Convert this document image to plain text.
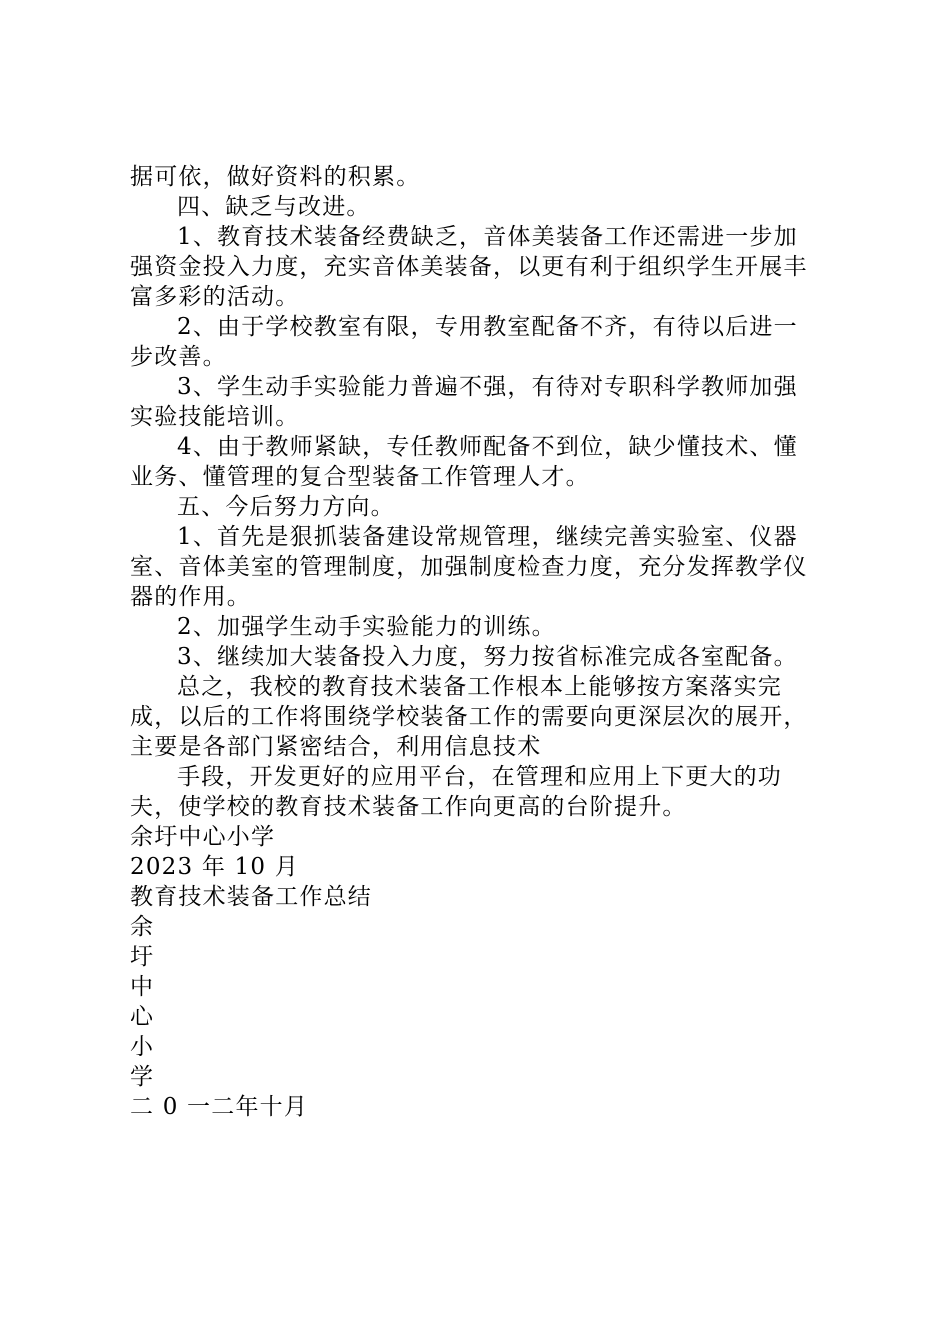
据可依，做好资料的积累。

四、缺乏与改进。

1、教育技术装备经费缺乏，音体美装备工作还需进一步加强资金投入力度，充实音体美装备，以更有利于组织学生开展丰富多彩的活动。

2、由于学校教室有限，专用教室配备不齐，有待以后进一步改善。

3、学生动手实验能力普遍不强，有待对专职科学教师加强实验技能培训。

4、由于教师紧缺，专任教师配备不到位，缺少懂技术、懂业务、懂管理的复合型装备工作管理人才。

五、今后努力方向。

1、首先是狠抓装备建设常规管理，继续完善实验室、仪器室、音体美室的管理制度，加强制度检查力度，充分发挥教学仪器的作用。

2、加强学生动手实验能力的训练。

3、继续加大装备投入力度，努力按省标准完成各室配备。

总之，我校的教育技术装备工作根本上能够按方案落实完成，以后的工作将围绕学校装备工作的需要向更深层次的展开，主要是各部门紧密结合，利用信息技术

手段，开发更好的应用平台，在管理和应用上下更大的功夫，使学校的教育技术装备工作向更高的台阶提升。

余圩中心小学

2023 年 10 月

教育技术装备工作总结

余

圩

中

心

小

学

二 0 一二年十月
